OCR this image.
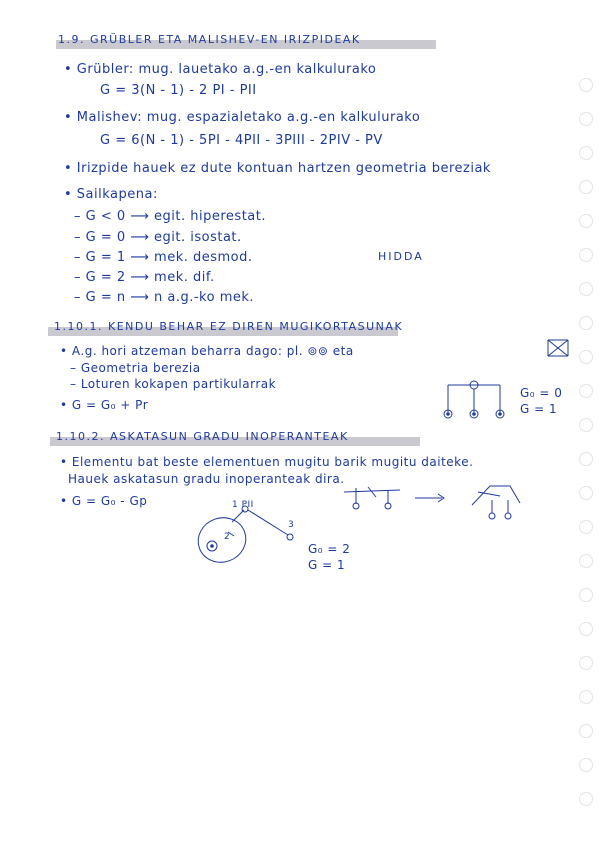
1.9. GRÜBLER ETA MALISHEV-EN IRIZPIDEAK
• Grübler: mug. lauetako a.g.-en kalkulurako
G = 3(N - 1) - 2 PI - PII
• Malishev: mug. espazialetako a.g.-en kalkulurako
G = 6(N - 1) - 5PI - 4PII - 3PIII - 2PIV - PV
• Irizpide hauek ez dute kontuan hartzen geometria bereziak
• Sailkapena:
– G < 0 ⟶ egit. hiperestat.
– G = 0 ⟶ egit. isostat.
– G = 1 ⟶ mek. desmod.
– G = 2 ⟶ mek. dif.
– G = n ⟶ n a.g.-ko mek.
HIDDA
1.10.1. KENDU BEHAR EZ DIREN MUGIKORTASUNAK
• A.g. hori atzeman beharra dago: pl. ⊚⊚ eta
– Geometria berezia
– Loturen kokapen partikularrak
• G = G₀ + Pr
G₀ = 0
G = 1
1.10.2. ASKATASUN GRADU INOPERANTEAK
• Elementu bat beste elementuen mugitu barik mugitu daiteke.
Hauek askatasun gradu inoperanteak dira.
• G = G₀ - Gp	1 PII
3
2
G₀ = 2
G = 1
